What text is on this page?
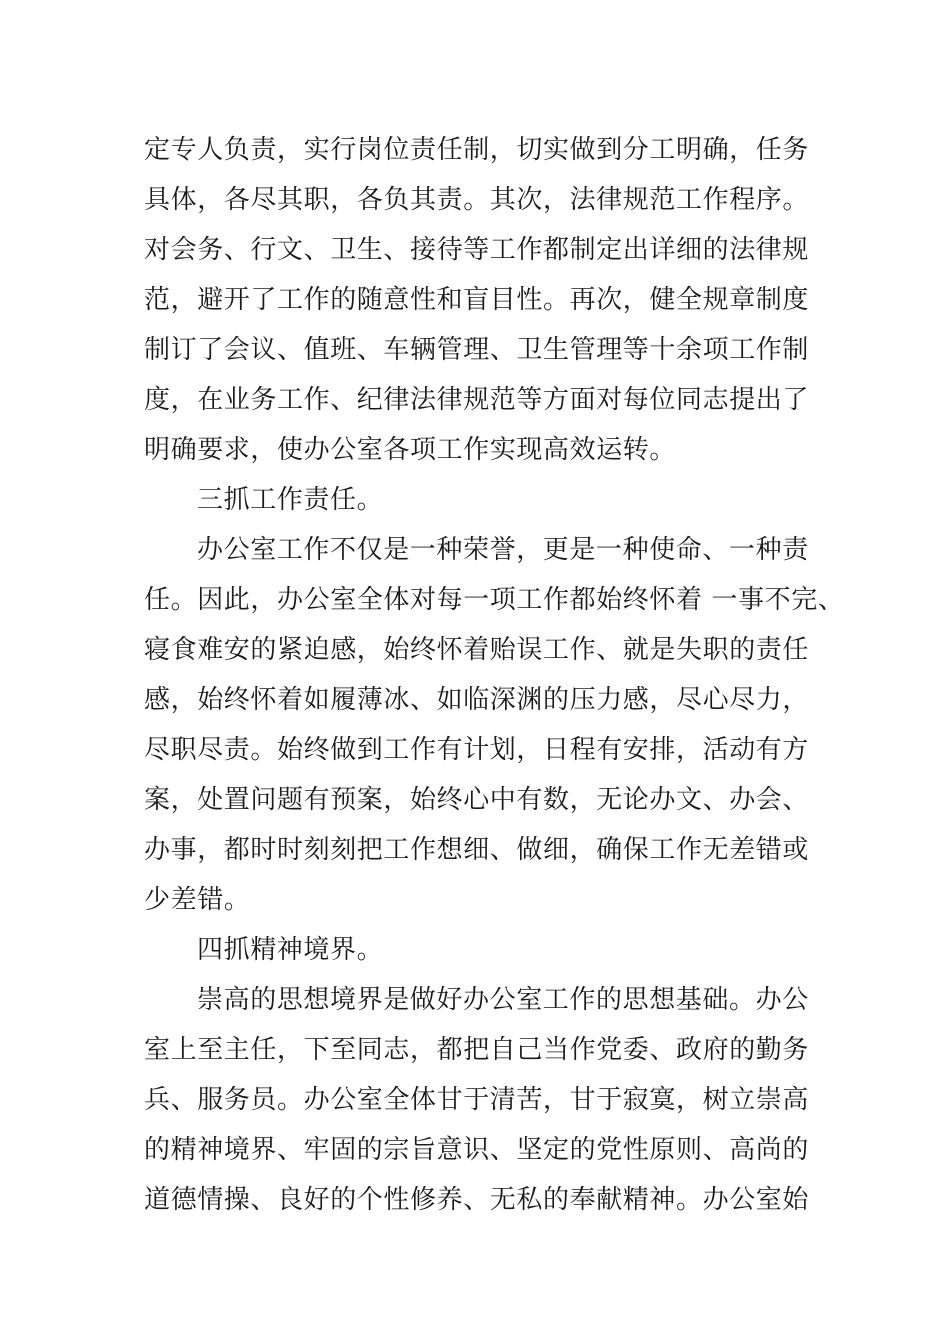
定专人负责，实行岗位责任制，切实做到分工明确，任务
具体，各尽其职，各负其责。其次，法律规范工作程序。
对会务、行文、卫生、接待等工作都制定出详细的法律规
范，避开了工作的随意性和盲目性。再次，健全规章制度
制订了会议、值班、车辆管理、卫生管理等十余项工作制
度，在业务工作、纪律法律规范等方面对每位同志提出了
明确要求，使办公室各项工作实现高效运转。
三抓工作责任。
办公室工作不仅是一种荣誉，更是一种使命、一种责
任。因此，办公室全体对每一项工作都始终怀着 一事不完、
寝食难安的紧迫感，始终怀着贻误工作、就是失职的责任
感，始终怀着如履薄冰、如临深渊的压力感，尽心尽力，
尽职尽责。始终做到工作有计划，日程有安排，活动有方
案，处置问题有预案，始终心中有数，无论办文、办会、
办事，都时时刻刻把工作想细、做细，确保工作无差错或
少差错。
四抓精神境界。
崇高的思想境界是做好办公室工作的思想基础。办公
室上至主任，下至同志，都把自己当作党委、政府的勤务
兵、服务员。办公室全体甘于清苦，甘于寂寞，树立崇高
的精神境界、牢固的宗旨意识、坚定的党性原则、高尚的
道德情操、良好的个性修养、无私的奉献精神。办公室始
